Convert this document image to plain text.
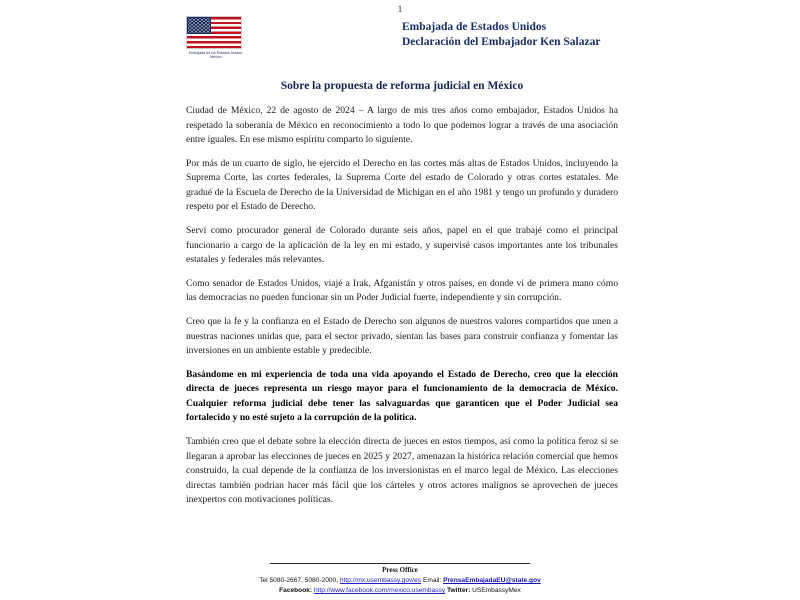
1
Embajada de los Estados Unidos, México
Embajada de Estados Unidos
Declaración del Embajador Ken Salazar
Sobre la propuesta de reforma judicial en México

Ciudad de México, 22 de agosto de 2024 – A largo de mis tres años como embajador, Estados Unidos ha respetado la soberanía de México en reconocimiento a todo lo que podemos lograr a través de una asociación entre iguales. En ese mismo espíritu comparto lo siguiente.

Por más de un cuarto de siglo, he ejercido el Derecho en las cortes más altas de Estados Unidos, incluyendo la Suprema Corte, las cortes federales, la Suprema Corte del estado de Colorado y otras cortes estatales. Me gradué de la Escuela de Derecho de la Universidad de Michigan en el año 1981 y tengo un profundo y duradero respeto por el Estado de Derecho.

Serví como procurador general de Colorado durante seis años, papel en el que trabajé como el principal funcionario a cargo de la aplicación de la ley en mi estado, y supervisé casos importantes ante los tribunales estatales y federales más relevantes.

Como senador de Estados Unidos, viajé a Irak, Afganistán y otros países, en donde vi de primera mano cómo las democracias no pueden funcionar sin un Poder Judicial fuerte, independiente y sin corrupción.

Creo que la fe y la confianza en el Estado de Derecho son algunos de nuestros valores compartidos que unen a nuestras naciones unidas que, para el sector privado, sientan las bases para construir confianza y fomentar las inversiones en un ambiente estable y predecible.

Basándome en mi experiencia de toda una vida apoyando el Estado de Derecho, creo que la elección directa de jueces representa un riesgo mayor para el funcionamiento de la democracia de México. Cualquier reforma judicial debe tener las salvaguardas que garanticen que el Poder Judicial sea fortalecido y no esté sujeto a la corrupción de la política.

También creo que el debate sobre la elección directa de jueces en estos tiempos, así como la política feroz si se llegaran a aprobar las elecciones de jueces en 2025 y 2027, amenazan la histórica relación comercial que hemos construido, la cual depende de la confianza de los inversionistas en el marco legal de México. Las elecciones directas también podrían hacer más fácil que los cárteles y otros actores malignos se aprovechen de jueces inexpertos con motivaciones políticas.

Press Office
Tel 5080-2667, 5080-2000, http://mx.usembassy.gov/es Email: PrensaEmbajadaEU@state.gov
Facebook: http://www.facebook.com/mexico.usembassy Twitter: USEmbassyMex
